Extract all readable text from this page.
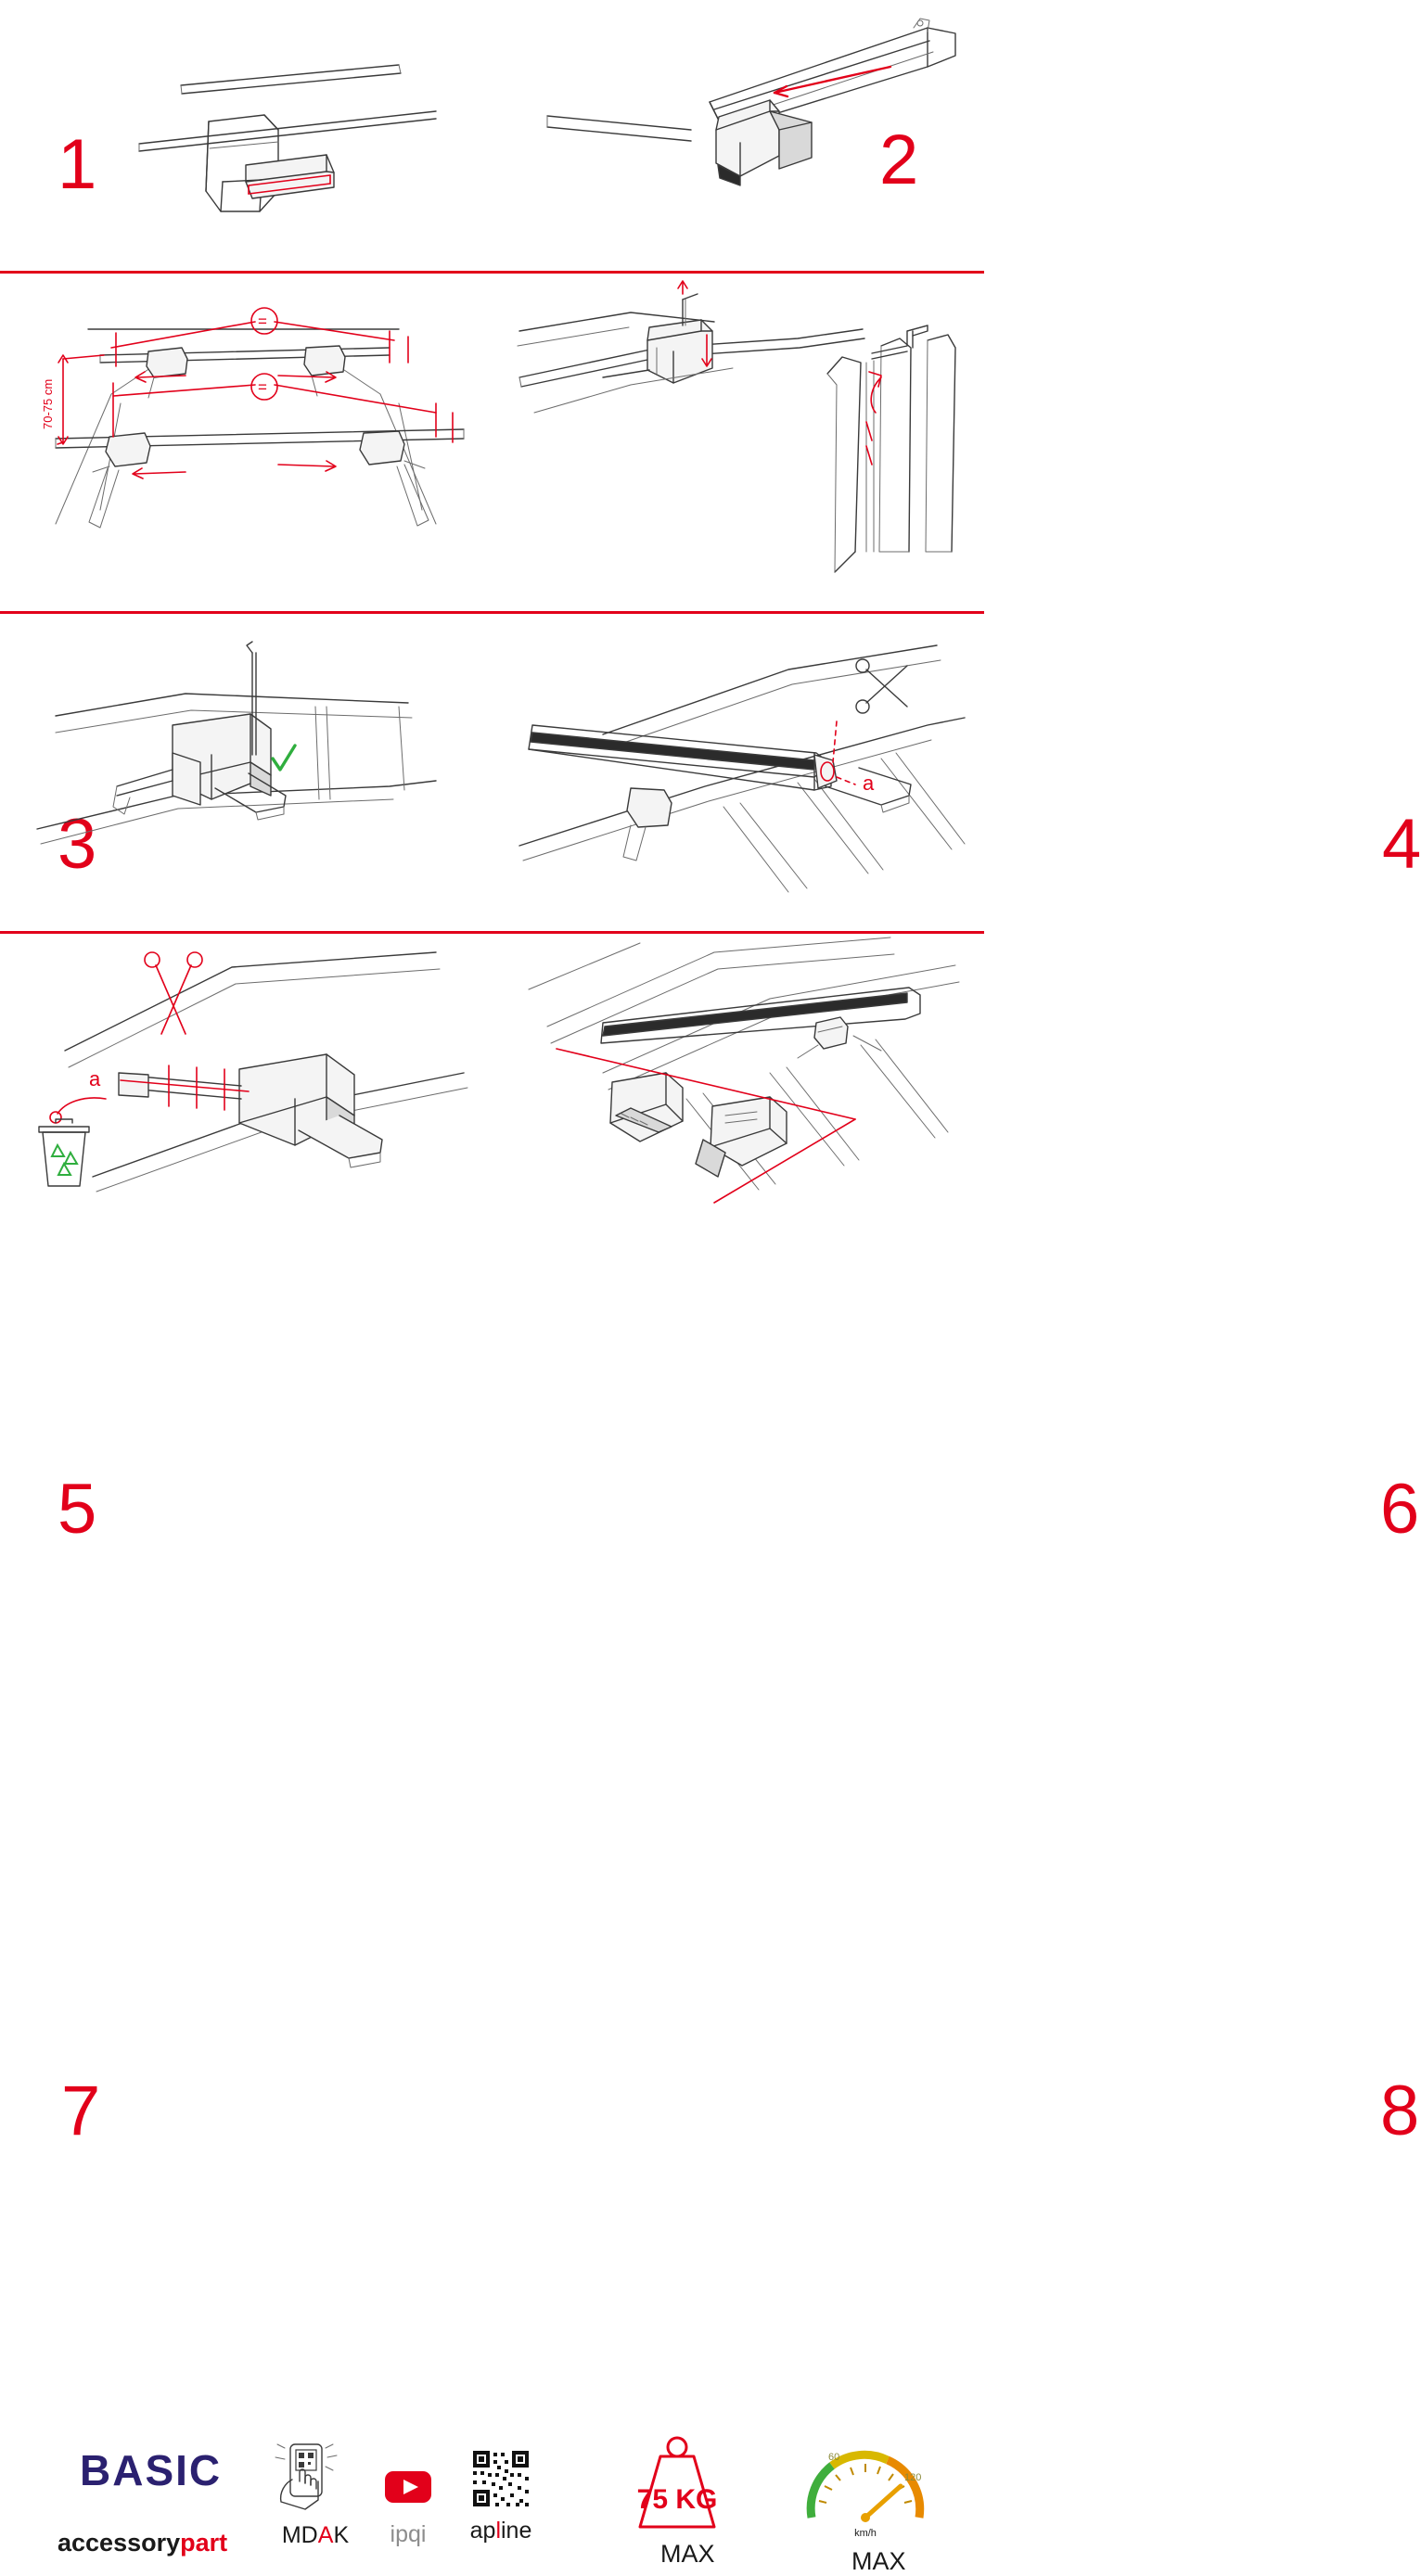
1	2
=
=
70-75 cm
3	4
5
a
6
a
7	8
BASIC
accessorypart	MDAK	ipqi	apline
75 KG
MAX
60
120
km/h
MAX
